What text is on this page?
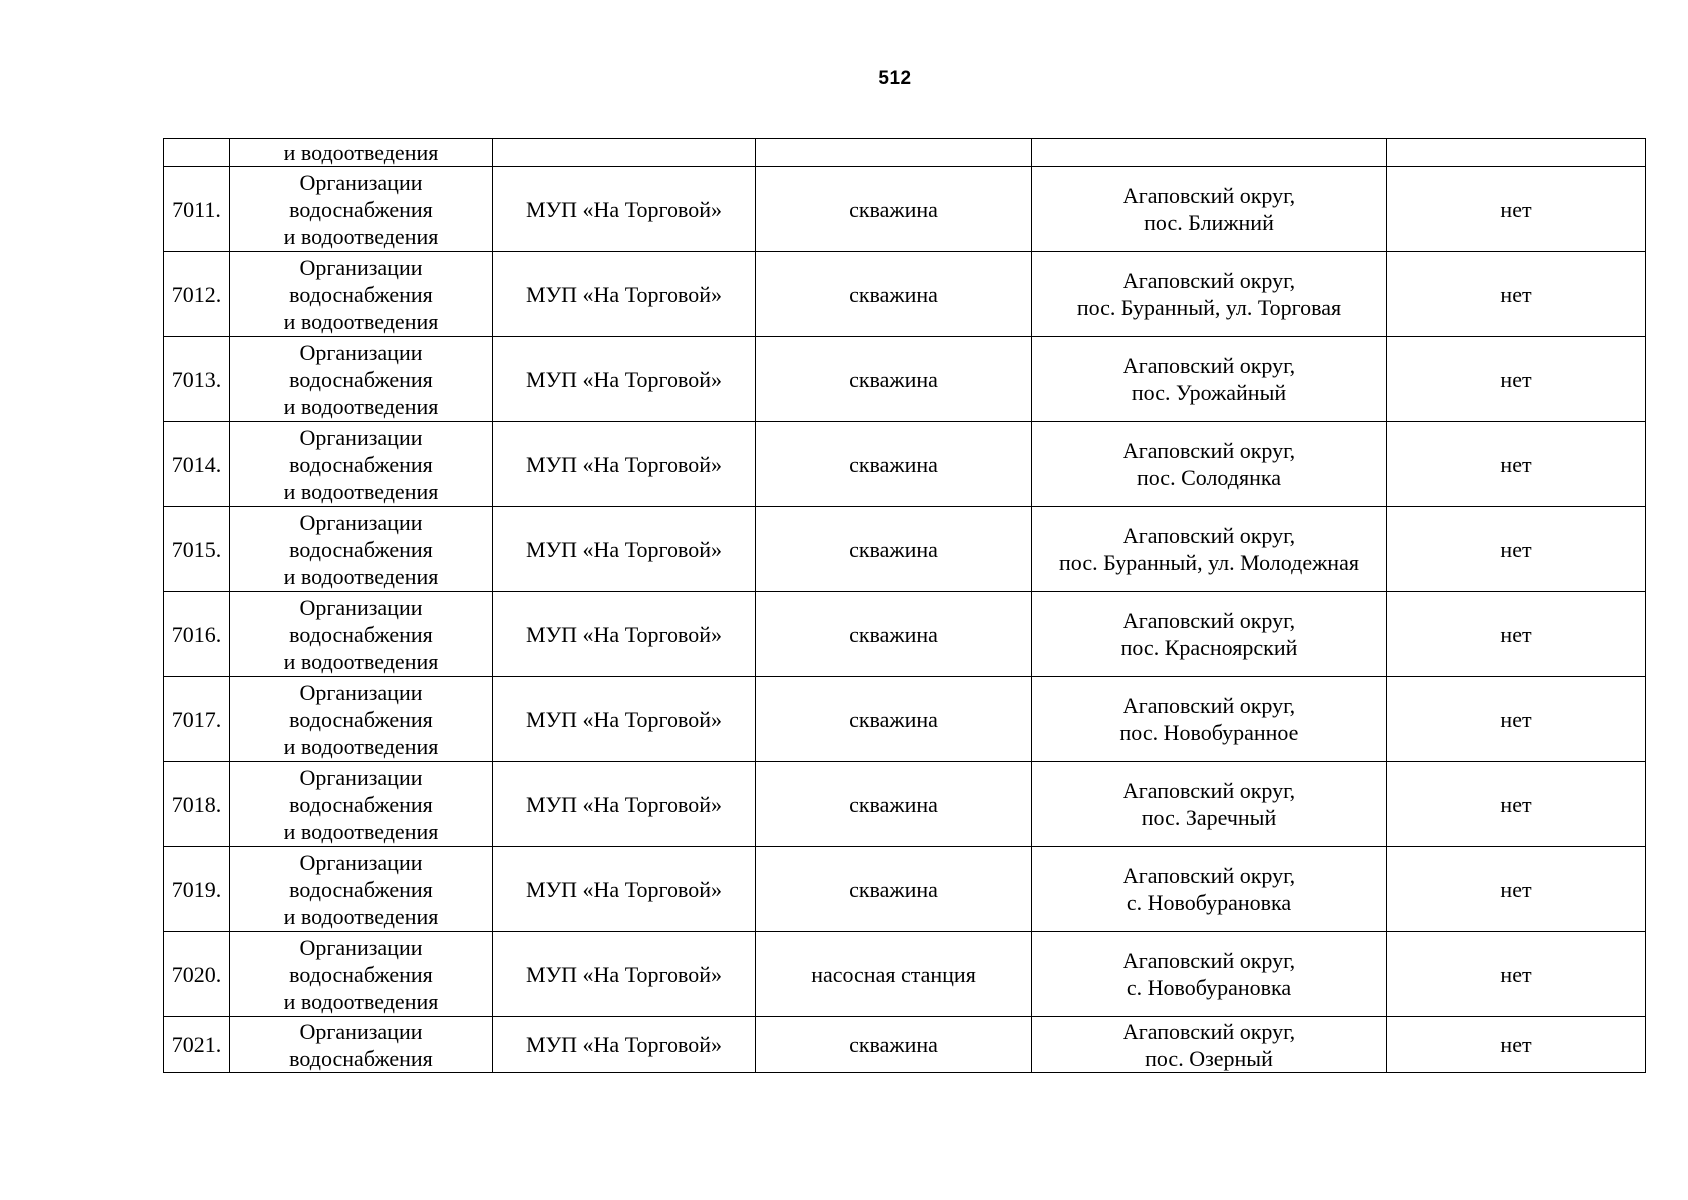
512
	и водоотведения				

7011.	Организации
водоснабжения
и водоотведения	МУП «На Торговой»	скважина	Агаповский округ,
пос. Ближний	нет

7012.	Организации
водоснабжения
и водоотведения	МУП «На Торговой»	скважина	Агаповский округ,
пос. Буранный, ул. Торговая	нет

7013.	Организации
водоснабжения
и водоотведения	МУП «На Торговой»	скважина	Агаповский округ,
пос. Урожайный	нет

7014.	Организации
водоснабжения
и водоотведения	МУП «На Торговой»	скважина	Агаповский округ,
пос. Солодянка	нет

7015.	Организации
водоснабжения
и водоотведения	МУП «На Торговой»	скважина	Агаповский округ,
пос. Буранный, ул. Молодежная	нет

7016.	Организации
водоснабжения
и водоотведения	МУП «На Торговой»	скважина	Агаповский округ,
пос. Красноярский	нет

7017.	Организации
водоснабжения
и водоотведения	МУП «На Торговой»	скважина	Агаповский округ,
пос. Новобуранное	нет

7018.	Организации
водоснабжения
и водоотведения	МУП «На Торговой»	скважина	Агаповский округ,
пос. Заречный	нет

7019.	Организации
водоснабжения
и водоотведения	МУП «На Торговой»	скважина	Агаповский округ,
с. Новобурановка	нет

7020.	Организации
водоснабжения
и водоотведения	МУП «На Торговой»	насосная станция	Агаповский округ,
с. Новобурановка	нет

7021.	Организации
водоснабжения	МУП «На Торговой»	скважина	Агаповский округ,
пос. Озерный	нет
